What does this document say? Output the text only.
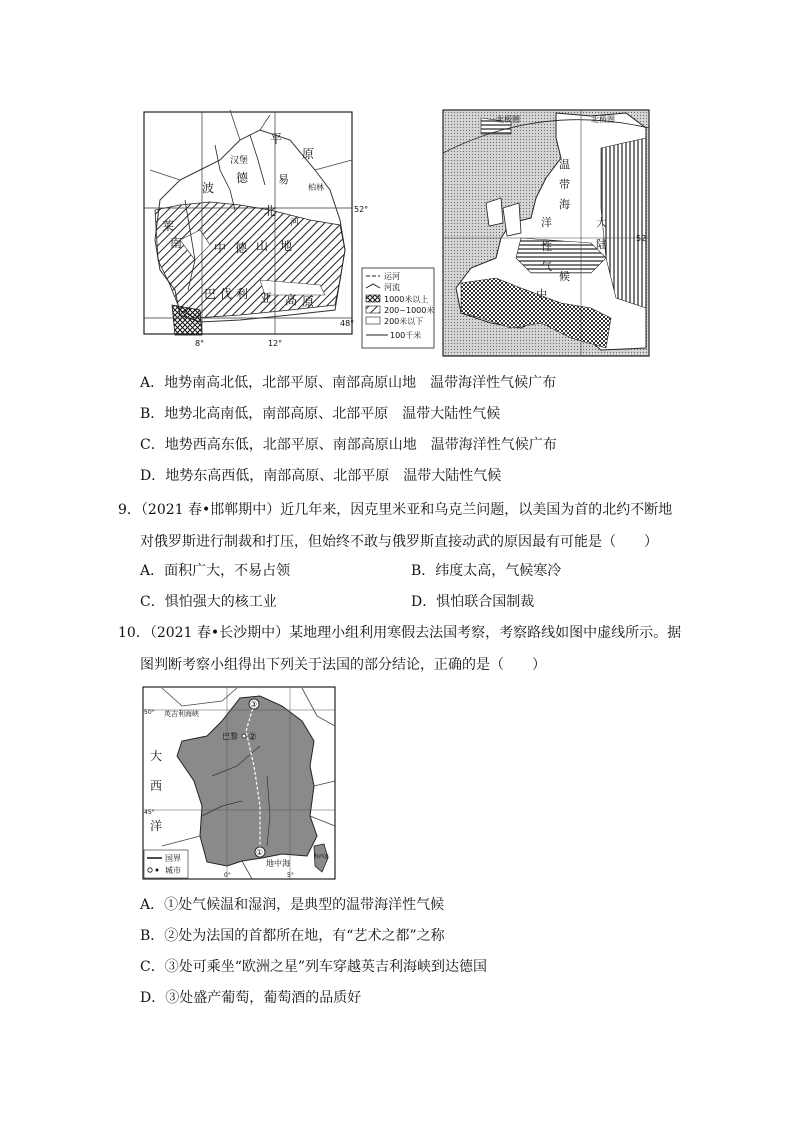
汉堡
平
原
波
德	易
柏林
北
河
莱
南	中 德 山 地
巴 伐 利 亚 高 原
52°
48°
8°	12°
运河
河流
1000米以上
200~1000米
200米以下
100千米
北极圈	北极圈
温
带
海
洋
性
气
候
中
大
陆	52
A．地势南高北低，北部平原、南部高原山地　温带海洋性气候广布
B．地势北高南低，南部高原、北部平原　温带大陆性气候
C．地势西高东低，北部平原、南部高原山地　温带海洋性气候广布
D．地势东高西低，南部高原、北部平原　温带大陆性气候

9．（2021 春•邯郸期中）近几年来，因克里米亚和乌克兰问题，以美国为首的北约不断地

对俄罗斯进行制裁和打压，但始终不敢与俄罗斯直接动武的原因最有可能是（　　）

A．面积广大，不易占领	B．纬度太高，气候寒冷
C．惧怕强大的核工业	D．惧怕联合国制裁

10．（2021 春•长沙期中）某地理小组利用寒假去法国考察，考察路线如图中虚线所示。据

图判断考察小组得出下列关于法国的部分结论，正确的是（　　）

英吉利海峡
③
巴黎 ②
①
大
西
洋
地中海
50°
45°
0°	5°
科西嘉
国界
城市
A．①处气候温和湿润，是典型的温带海洋性气候
B．②处为法国的首都所在地，有“艺术之都”之称
C．③处可乘坐“欧洲之星”列车穿越英吉利海峡到达德国
D．③处盛产葡萄，葡萄酒的品质好
